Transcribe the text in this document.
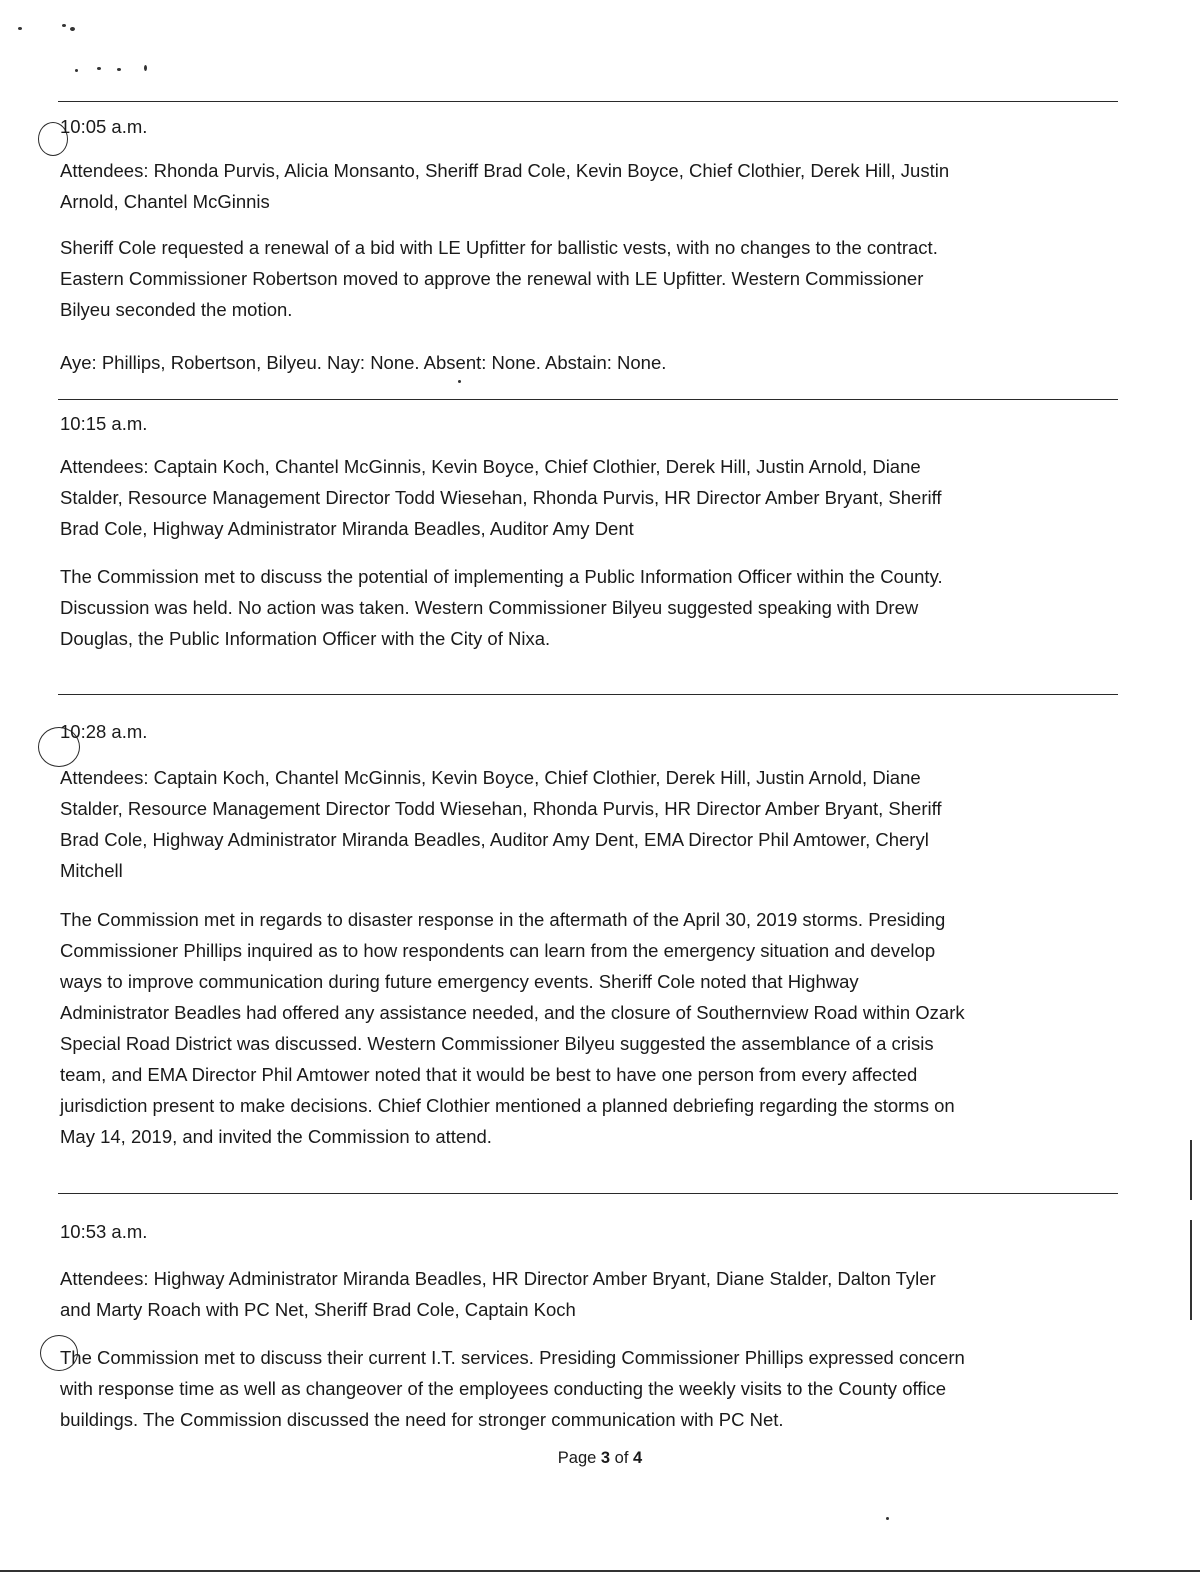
10:05 a.m.
Attendees: Rhonda Purvis, Alicia Monsanto, Sheriff Brad Cole, Kevin Boyce, Chief Clothier, Derek Hill, Justin
Arnold, Chantel McGinnis
Sheriff Cole requested a renewal of a bid with LE Upfitter for ballistic vests, with no changes to the contract.
Eastern Commissioner Robertson moved to approve the renewal with LE Upfitter. Western Commissioner
Bilyeu seconded the motion.
Aye: Phillips, Robertson, Bilyeu. Nay: None. Absent: None. Abstain: None.
10:15 a.m.
Attendees: Captain Koch, Chantel McGinnis, Kevin Boyce, Chief Clothier, Derek Hill, Justin Arnold, Diane
Stalder, Resource Management Director Todd Wiesehan, Rhonda Purvis, HR Director Amber Bryant, Sheriff
Brad Cole, Highway Administrator Miranda Beadles, Auditor Amy Dent
The Commission met to discuss the potential of implementing a Public Information Officer within the County.
Discussion was held. No action was taken. Western Commissioner Bilyeu suggested speaking with Drew
Douglas, the Public Information Officer with the City of Nixa.
10:28 a.m.
Attendees: Captain Koch, Chantel McGinnis, Kevin Boyce, Chief Clothier, Derek Hill, Justin Arnold, Diane
Stalder, Resource Management Director Todd Wiesehan, Rhonda Purvis, HR Director Amber Bryant, Sheriff
Brad Cole, Highway Administrator Miranda Beadles, Auditor Amy Dent, EMA Director Phil Amtower, Cheryl
Mitchell
The Commission met in regards to disaster response in the aftermath of the April 30, 2019 storms. Presiding
Commissioner Phillips inquired as to how respondents can learn from the emergency situation and develop
ways to improve communication during future emergency events. Sheriff Cole noted that Highway
Administrator Beadles had offered any assistance needed, and the closure of Southernview Road within Ozark
Special Road District was discussed. Western Commissioner Bilyeu suggested the assemblance of a crisis
team, and EMA Director Phil Amtower noted that it would be best to have one person from every affected
jurisdiction present to make decisions. Chief Clothier mentioned a planned debriefing regarding the storms on
May 14, 2019, and invited the Commission to attend.
10:53 a.m.
Attendees: Highway Administrator Miranda Beadles, HR Director Amber Bryant, Diane Stalder, Dalton Tyler
and Marty Roach with PC Net, Sheriff Brad Cole, Captain Koch
The Commission met to discuss their current I.T. services. Presiding Commissioner Phillips expressed concern
with response time as well as changeover of the employees conducting the weekly visits to the County office
buildings. The Commission discussed the need for stronger communication with PC Net.
Page 3 of 4
